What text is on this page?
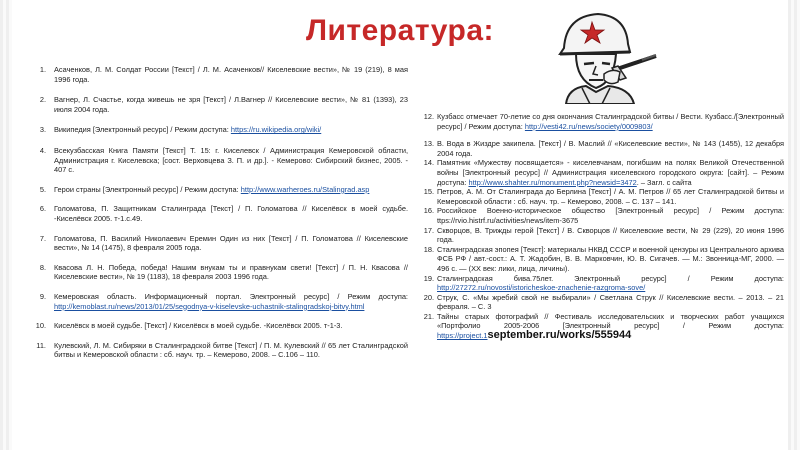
Литература:
1.	Асаченков, Л. М. Солдат России [Текст] / Л. М. Асаченков// Киселевские вести», № 19 (219), 8 мая 1996 года.
2.	Вагнер, Л. Счастье, когда живешь не зря [Текст] / Л.Вагнер // Киселевские вести», № 81 (1393), 23 июля 2004 года.
3.	Википедия [Электронный ресурс] / Режим доступа: https://ru.wikipedia.org/wiki/
4.	Всекузбасская Книга Памяти [Текст] Т. 15: г. Киселевск / Администрация Кемеровской области, Администрация г. Киселевска; [сост. Верховцева З. П. и др.]. - Кемерово: Сибирский бизнес, 2005. - 407 с.
5.	Герои страны [Электронный ресурс] / Режим доступа: http://www.warheroes.ru/Stalingrad.asp
6.	Голоматова, П. Защитникам Сталинграда [Текст] / П. Голоматова // Киселёвск в моей судьбе. -Киселёвск 2005. т-1.с.49.
7.	Голоматова, П. Василий Николаевич Еремин Один из них [Текст] / П. Голоматова // Киселевские вести», № 14 (1475), 8 февраля 2005 года.
8.	Квасова Л. Н. Победа, победа! Нашим внукам ты и правнукам свети! [Текст] / П. Н. Квасова // Киселевские вести», № 19 (1183), 18 февраля 2003 1996 года.
9.	Кемеровская область. Информационный портал. Электронный ресурс] / Режим доступа: http://kemoblast.ru/news/2013/01/25/segodnya-v-kiselevske-uchastnik-stalingradskoj-bitvy.html
10.	Киселёвск в моей судьбе. [Текст] / Киселёвск в моей судьбе. -Киселёвск 2005. т-1-3.
11.	Кулевский, Л. М. Сибиряки в Сталинградской битве [Текст] / П. М. Кулевский // 65 лет Сталинградской битвы и Кемеровской области : сб. науч. тр. – Кемерово, 2008. – С.106 – 110.
12. Кузбасс отмечает 70-летие со дня окончания Сталинградской битвы / Вести. Кузбасс./[Электронный ресурс] / Режим доступа: http://vesti42.ru/news/society/0009803/
13. В. Вода в Жиздре закипела. [Текст] / В. Маслий // «Киселевские вести», № 143 (1455), 12 декабря 2004 года.
14. Памятник «Мужеству посвящается» - киселевчанам, погибшим на полях Великой Отечественной войны [Электронный ресурс] // Администрация киселевского городского округа: [сайт]. – Режим доступа: http://www.shahter.ru/monument.php?newsid=3472. – Загл. с сайта
15. Петров, А. М. От Сталинграда до Берлина [Текст] / А. М. Петров // 65 лет Сталинградской битвы и Кемеровской области : сб. науч. тр. – Кемерово, 2008. – С. 137 – 141.
16. Российское Военно-историческое общество [Электронный ресурс] / Режим доступа: ttps://rvio.histrf.ru/activities/news/item-3675
17. Скворцов, В. Трижды герой [Текст] / В. Скворцов // Киселевские вести, № 29 (229), 20 июня 1996 года.
18. Сталинградская эпопея [Текст]: материалы НКВД СССР и военной цензуры из Центрального архива ФСБ РФ / авт.-сост.: А. Т. Жадобин, В. В. Марковчин, Ю. В. Сигачев. — М.: Звонница-МГ, 2000. — 496 с. — (XX век: лики, лица, личины).
19. Сталинградская бива.75лет. Электронный ресурс] / Режим доступа: http://27272.ru/novosti/istoricheskoe-znachenie-razgroma-sove/
20. Струк, С. «Мы жребий свой не выбирали» / Светлана Струк // Киселевские вести. – 2013. – 21 февраля. – С. 3
21. Тайны старых фотографий // Фестиваль исследовательских и творческих работ учащихся «Портфолио 2005-2006 [Электронный ресурс] / Режим доступа: https://project.1september.ru/works/555944
